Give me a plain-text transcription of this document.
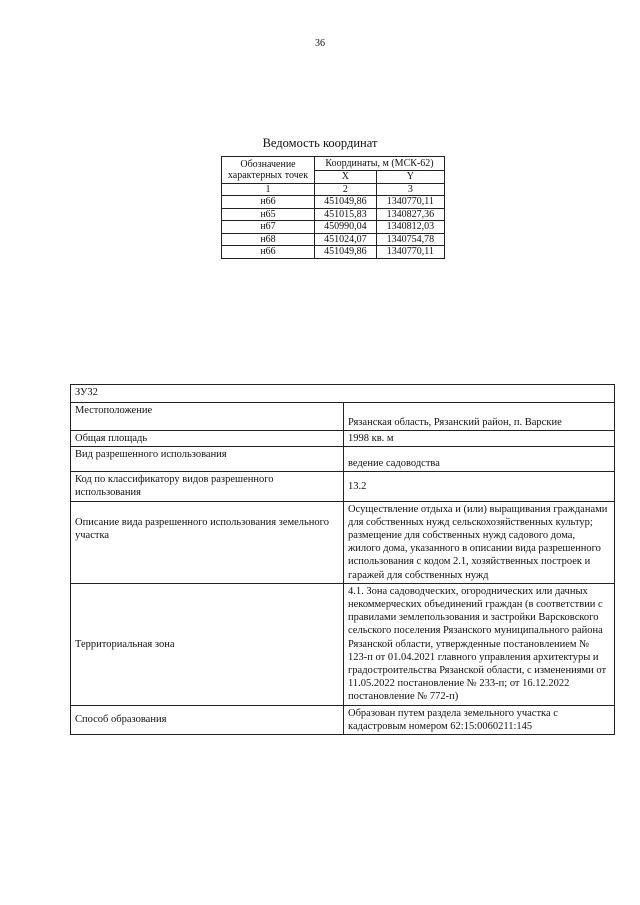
36
Ведомость координат
Обозначение характерных точек	Координаты, м (МСК-62)	
	X	Y
1	2	3
н66	451049,86	1340770,11
н65	451015,83	1340827,36
н67	450990,04	1340812,03
н68	451024,07	1340754,78
н66	451049,86	1340770,11
ЗУ32	
Местоположение	Рязанская область, Рязанский район, п. Варские
Общая площадь	1998 кв. м
Вид разрешенного использования	ведение садоводства
Код по классификатору видов разрешенного использования	13.2
Описание вида разрешенного использования земельного участка	Осуществление отдыха и (или) выращивания гражданами для собственных нужд сельскохозяйственных культур; размещение для собственных нужд садового дома, жилого дома, указанного в описании вида разрешенного использования с кодом 2.1, хозяйственных построек и гаражей для собственных нужд
Территориальная зона	4.1. Зона садоводческих, огороднических или дачных некоммерческих объединений граждан (в соответствии с правилами землепользования и застройки Варсковского сельского поселения Рязанского муниципального района Рязанской области, утвержденные постановлением № 123-п от 01.04.2021 главного управления архитектуры и градостроительства Рязанской области, с изменениями от 11.05.2022 постановление № 233-п; от 16.12.2022 постановление № 772-п)
Способ образования	Образован путем раздела земельного участка с кадастровым номером 62:15:0060211:145
